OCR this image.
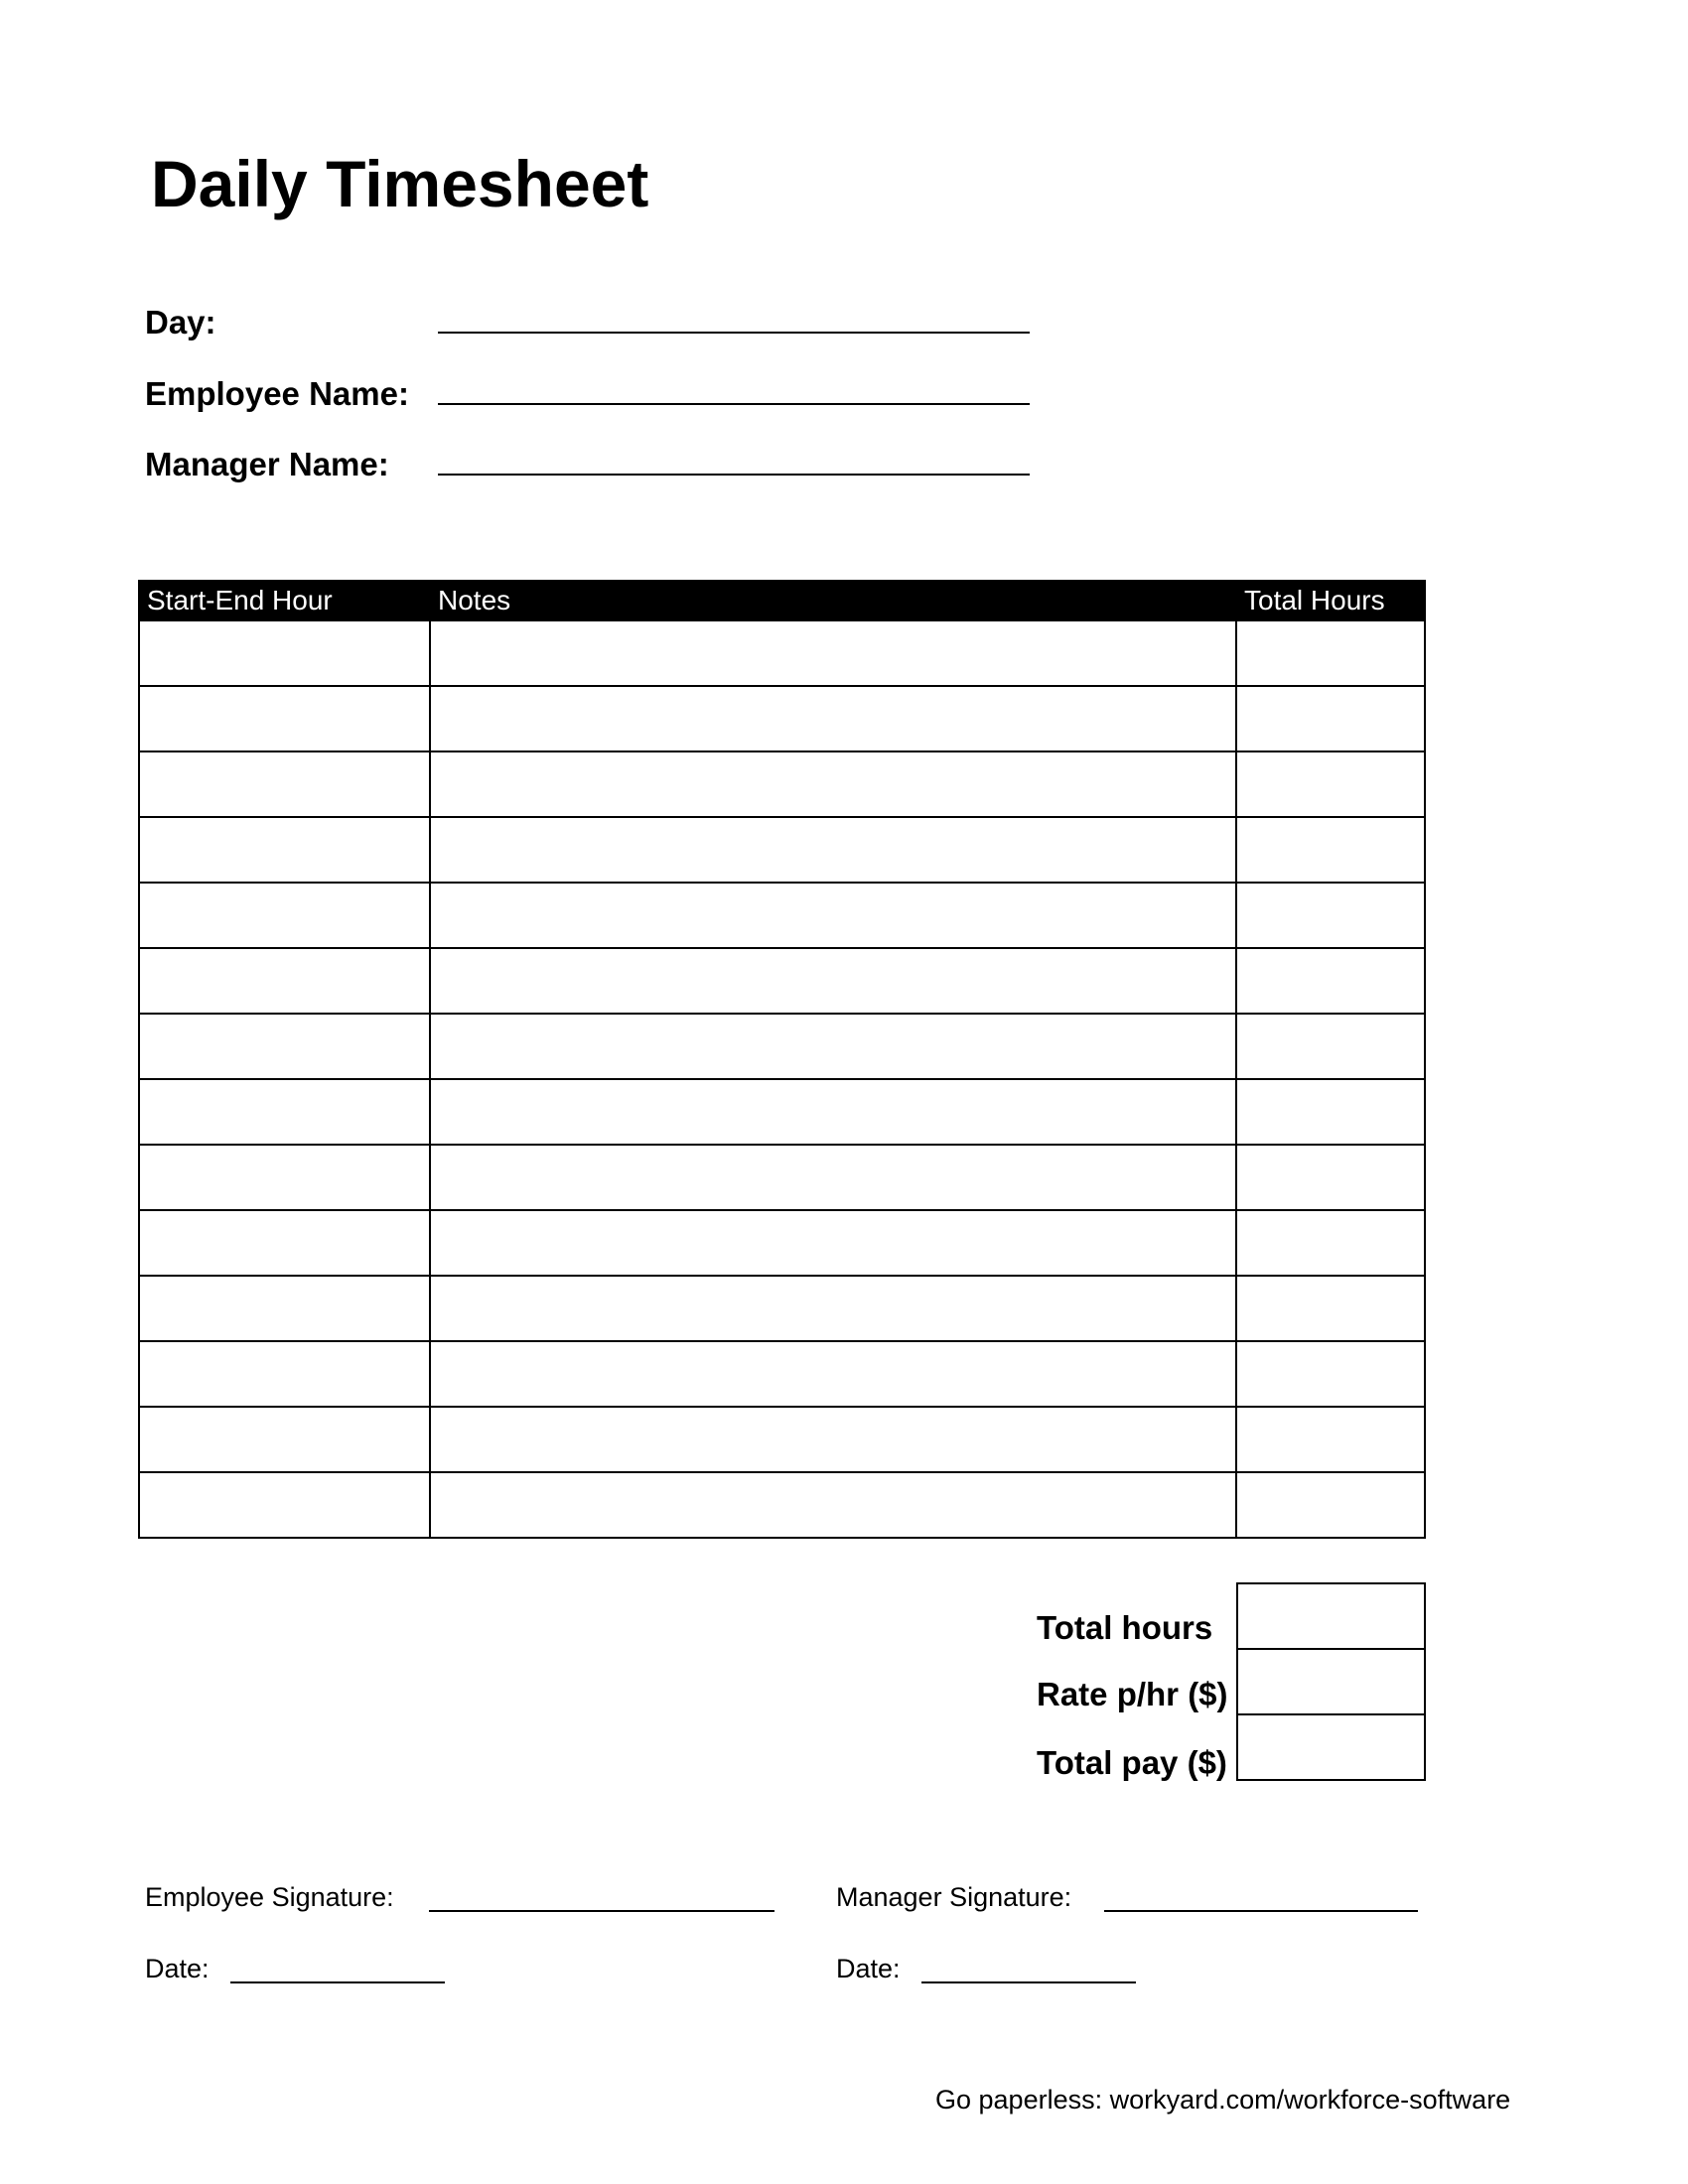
Daily Timesheet
Day:
Employee Name:
Manager Name:
Start-End Hour	Notes	Total Hours

Total hours
Rate p/hr ($)
Total pay ($)
Employee Signature:	Manager Signature:
Date:	Date:
Go paperless: workyard.com/workforce-software
